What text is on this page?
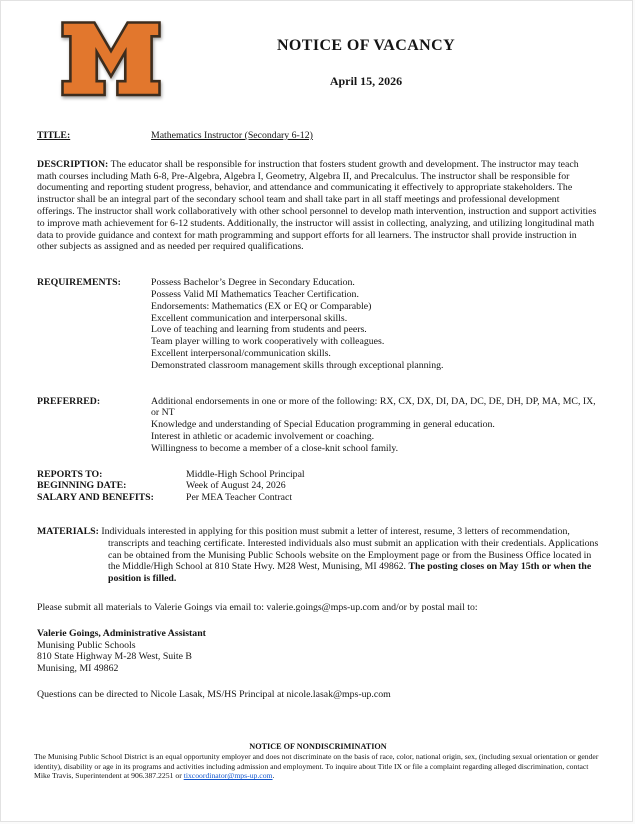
NOTICE OF VACANCY
April 15, 2026
TITLE:	Mathematics Instructor (Secondary 6-12)

DESCRIPTION: The educator shall be responsible for instruction that fosters student growth and development. The instructor may teach math courses including Math 6-8, Pre-Algebra, Algebra I, Geometry, Algebra II, and Precalculus. The instructor shall be responsible for documenting and reporting student progress, behavior, and attendance and communicating it effectively to appropriate stakeholders. The instructor shall be an integral part of the secondary school team and shall take part in all staff meetings and professional development offerings. The instructor shall work collaboratively with other school personnel to develop math intervention, instruction and support activities to improve math achievement for 6-12 students. Additionally, the instructor will assist in collecting, analyzing, and utilizing longitudinal math data to provide guidance and context for math programming and support efforts for all learners. The instructor shall provide instruction in other subjects as assigned and as needed per required qualifications.

REQUIREMENTS:	Possess Bachelor’s Degree in Secondary Education.
Possess Valid MI Mathematics Teacher Certification.
Endorsements: Mathematics (EX or EQ or Comparable)
Excellent communication and interpersonal skills.
Love of teaching and learning from students and peers.
Team player willing to work cooperatively with colleagues.
Excellent interpersonal/communication skills.
Demonstrated classroom management skills through exceptional planning.
PREFERRED:	Additional endorsements in one or more of the following: RX, CX, DX, DI, DA, DC, DE, DH, DP, MA, MC, IX, or NT
Knowledge and understanding of Special Education programming in general education.
Interest in athletic or academic involvement or coaching.
Willingness to become a member of a close-knit school family.
REPORTS TO:	Middle-High School Principal
BEGINNING DATE:	Week of August 24, 2026
SALARY AND BENEFITS:	Per MEA Teacher Contract

MATERIALS: Individuals interested in applying for this position must submit a letter of interest, resume, 3 letters of recommendation, transcripts and teaching certificate. Interested individuals also must submit an application with their credentials. Applications can be obtained from the Munising Public Schools website on the Employment page or from the Business Office located in the Middle/High School at 810 State Hwy. M28 West, Munising, MI 49862. The posting closes on May 15th or when the position is filled.

Please submit all materials to Valerie Goings via email to: valerie.goings@mps-up.com and/or by postal mail to:

Valerie Goings, Administrative Assistant
Munising Public Schools
810 State Highway M-28 West, Suite B
Munising, MI 49862

Questions can be directed to Nicole Lasak, MS/HS Principal at nicole.lasak@mps-up.com

NOTICE OF NONDISCRIMINATION
The Munising Public School District is an equal opportunity employer and does not discriminate on the basis of race, color, national origin, sex, (including sexual orientation or gender identity), disability or age in its programs and activities including admission and employment. To inquire about Title IX or file a complaint regarding alleged discrimination, contact Mike Travis, Superintendent at 906.387.2251 or tixcoordinator@mps-up.com.
